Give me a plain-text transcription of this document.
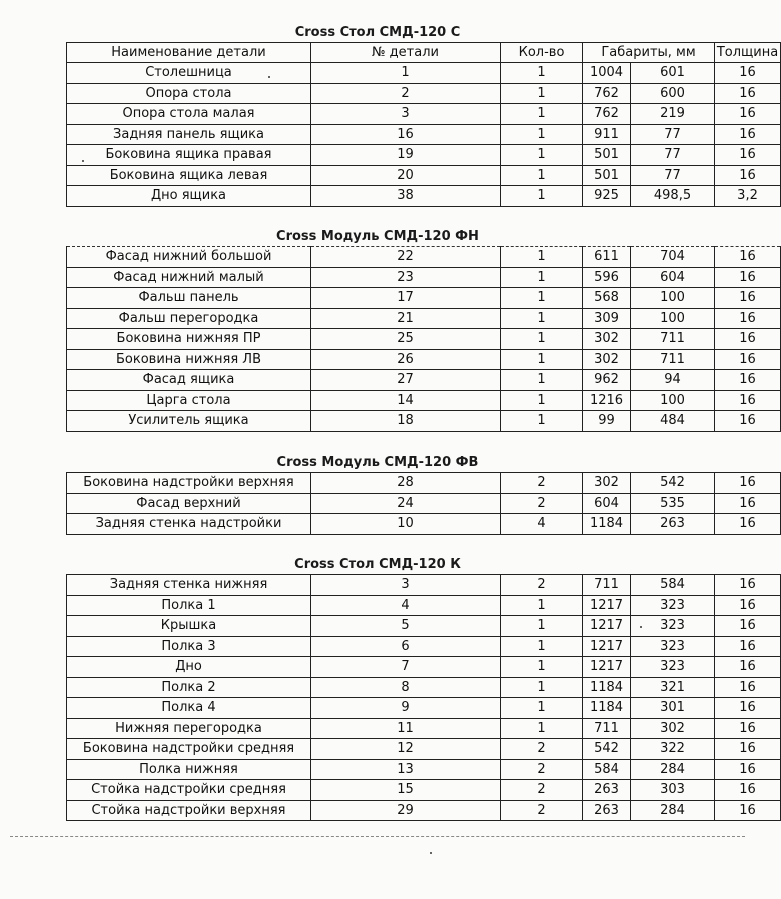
Cross Стол СМД-120 С
Наименование детали	№ детали	Кол-во	Габариты, мм		Толщина
Столешница	1	1	1004	601	16
Опора стола	2	1	762	600	16
Опора стола малая	3	1	762	219	16
Задняя панель ящика	16	1	911	77	16
Боковина ящика правая	19	1	501	77	16
Боковина ящика левая	20	1	501	77	16
Дно ящика	38	1	925	498,5	3,2
Cross Модуль СМД-120 ФН
Фасад нижний большой	22	1	611	704	16
Фасад нижний малый	23	1	596	604	16
Фальш панель	17	1	568	100	16
Фальш перегородка	21	1	309	100	16
Боковина нижняя ПР	25	1	302	711	16
Боковина нижняя ЛВ	26	1	302	711	16
Фасад ящика	27	1	962	94	16
Царга стола	14	1	1216	100	16
Усилитель ящика	18	1	99	484	16
Cross Модуль СМД-120 ФВ
Боковина надстройки верхняя	28	2	302	542	16
Фасад верхний	24	2	604	535	16
Задняя стенка надстройки	10	4	1184	263	16
Cross Стол СМД-120 К
Задняя стенка нижняя	3	2	711	584	16
Полка 1	4	1	1217	323	16
Крышка	5	1	1217	323	16
Полка 3	6	1	1217	323	16
Дно	7	1	1217	323	16
Полка 2	8	1	1184	321	16
Полка 4	9	1	1184	301	16
Нижняя перегородка	11	1	711	302	16
Боковина надстройки средняя	12	2	542	322	16
Полка нижняя	13	2	584	284	16
Стойка надстройки средняя	15	2	263	303	16
Стойка надстройки верхняя	29	2	263	284	16
